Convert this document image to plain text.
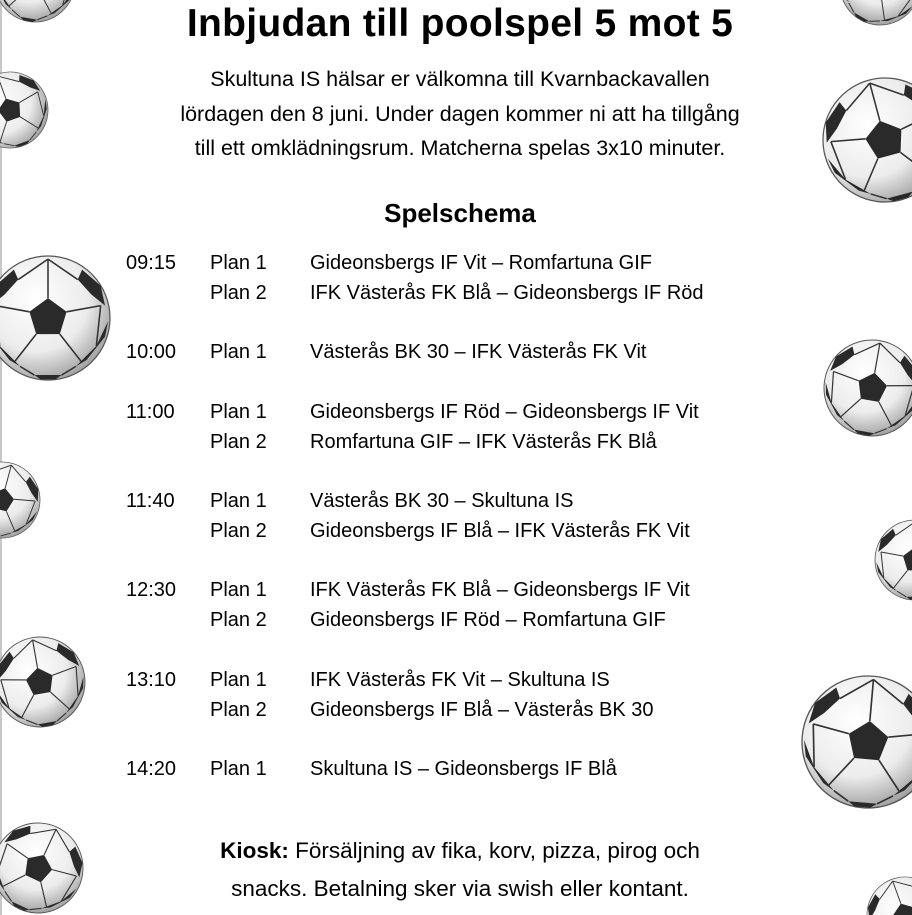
Inbjudan till poolspel 5 mot 5
Skultuna IS hälsar er välkomna till Kvarnbackavallen
lördagen den 8 juni. Under dagen kommer ni att ha tillgång
till ett omklädningsrum. Matcherna spelas 3x10 minuter.
Spelschema
09:15 Plan 1 Gideonsbergs IF Vit – Romfartuna GIF
Plan 2 IFK Västerås FK Blå – Gideonsbergs IF Röd
10:00 Plan 1 Västerås BK 30 – IFK Västerås FK Vit
11:00 Plan 1 Gideonsbergs IF Röd – Gideonsbergs IF Vit
Plan 2 Romfartuna GIF – IFK Västerås FK Blå
11:40 Plan 1 Västerås BK 30 – Skultuna IS
Plan 2 Gideonsbergs IF Blå – IFK Västerås FK Vit
12:30 Plan 1 IFK Västerås FK Blå – Gideonsbergs IF Vit
Plan 2 Gideonsbergs IF Röd – Romfartuna GIF
13:10 Plan 1 IFK Västerås FK Vit – Skultuna IS
Plan 2 Gideonsbergs IF Blå – Västerås BK 30
14:20 Plan 1 Skultuna IS – Gideonsbergs IF Blå
Kiosk: Försäljning av fika, korv, pizza, pirog och
snacks. Betalning sker via swish eller kontant.
